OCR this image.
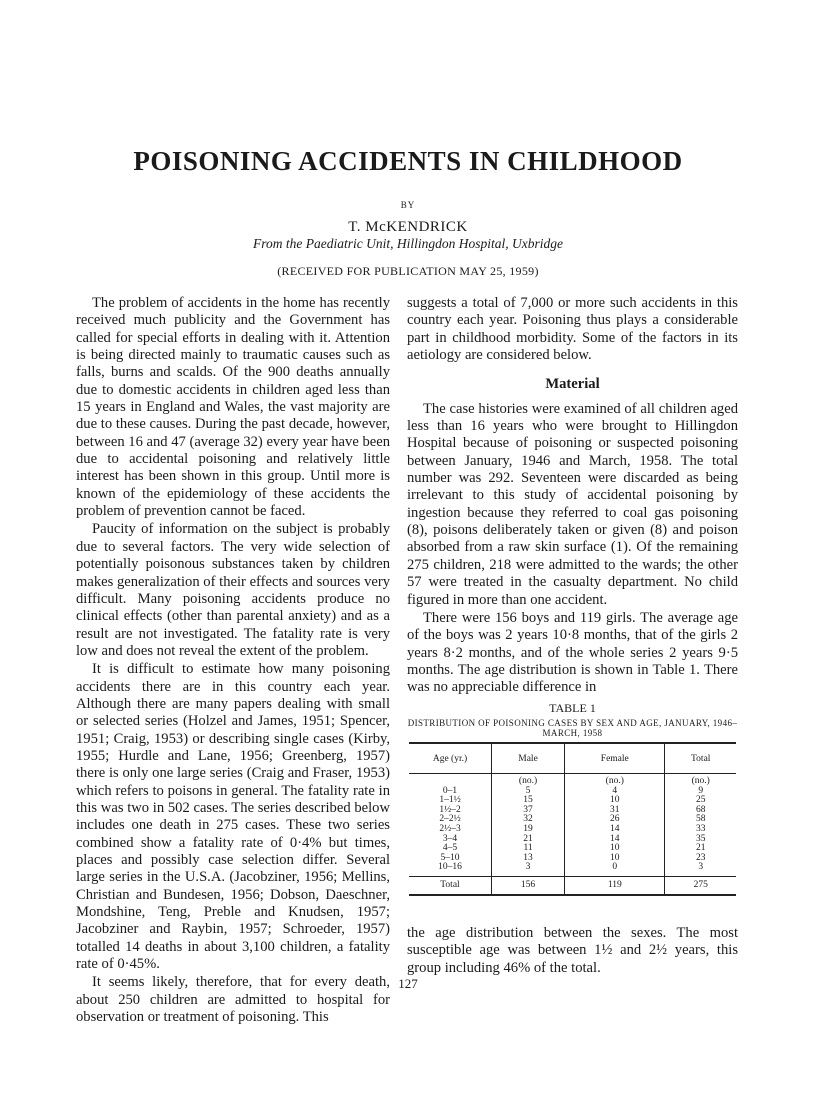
POISONING ACCIDENTS IN CHILDHOOD
BY
T. McKENDRICK
From the Paediatric Unit, Hillingdon Hospital, Uxbridge
(RECEIVED FOR PUBLICATION MAY 25, 1959)

The problem of accidents in the home has recently received much publicity and the Government has called for special efforts in dealing with it. Attention is being directed mainly to traumatic causes such as falls, burns and scalds. Of the 900 deaths annually due to domestic accidents in children aged less than 15 years in England and Wales, the vast majority are due to these causes. During the past decade, however, between 16 and 47 (average 32) every year have been due to accidental poisoning and relatively little interest has been shown in this group. Until more is known of the epidemiology of these accidents the problem of prevention cannot be faced.

Paucity of information on the subject is probably due to several factors. The very wide selection of potentially poisonous substances taken by children makes generalization of their effects and sources very difficult. Many poisoning accidents produce no clinical effects (other than parental anxiety) and as a result are not investigated. The fatality rate is very low and does not reveal the extent of the problem.

It is difficult to estimate how many poisoning accidents there are in this country each year. Although there are many papers dealing with small or selected series (Holzel and James, 1951; Spencer, 1951; Craig, 1953) or describing single cases (Kirby, 1955; Hurdle and Lane, 1956; Greenberg, 1957) there is only one large series (Craig and Fraser, 1953) which refers to poisons in general. The fatality rate in this was two in 502 cases. The series described below includes one death in 275 cases. These two series combined show a fatality rate of 0·4% but times, places and possibly case selection differ. Several large series in the U.S.A. (Jacobziner, 1956; Mellins, Christian and Bundesen, 1956; Dobson, Daeschner, Mondshine, Teng, Preble and Knudsen, 1957; Jacobziner and Raybin, 1957; Schroeder, 1957) totalled 14 deaths in about 3,100 children, a fatality rate of 0·45%.

It seems likely, therefore, that for every death, about 250 children are admitted to hospital for observation or treatment of poisoning. This

suggests a total of 7,000 or more such accidents in this country each year. Poisoning thus plays a considerable part in childhood morbidity. Some of the factors in its aetiology are considered below.

Material

The case histories were examined of all children aged less than 16 years who were brought to Hillingdon Hospital because of poisoning or suspected poisoning between January, 1946 and March, 1958. The total number was 292. Seventeen were discarded as being irrelevant to this study of accidental poisoning by ingestion because they referred to coal gas poisoning (8), poisons deliberately taken or given (8) and poison absorbed from a raw skin surface (1). Of the remaining 275 children, 218 were admitted to the wards; the other 57 were treated in the casualty department. No child figured in more than one accident.

There were 156 boys and 119 girls. The average age of the boys was 2 years 10·8 months, that of the girls 2 years 8·2 months, and of the whole series 2 years 9·5 months. The age distribution is shown in Table 1. There was no appreciable difference in

TABLE 1
DISTRIBUTION OF POISONING CASES BY SEX AND AGE, JANUARY, 1946–MARCH, 1958
Age (yr.)	Male	Female	Total
	(no.)	(no.)	(no.)
0–1	5	4	9
1–1½	15	10	25
1½–2	37	31	68
2–2½	32	26	58
2½–3	19	14	33
3–4	21	14	35
4–5	11	10	21
5–10	13	10	23
10–16	3	0	3
Total	156	119	275

the age distribution between the sexes. The most susceptible age was between 1½ and 2½ years, this group including 46% of the total.

127
